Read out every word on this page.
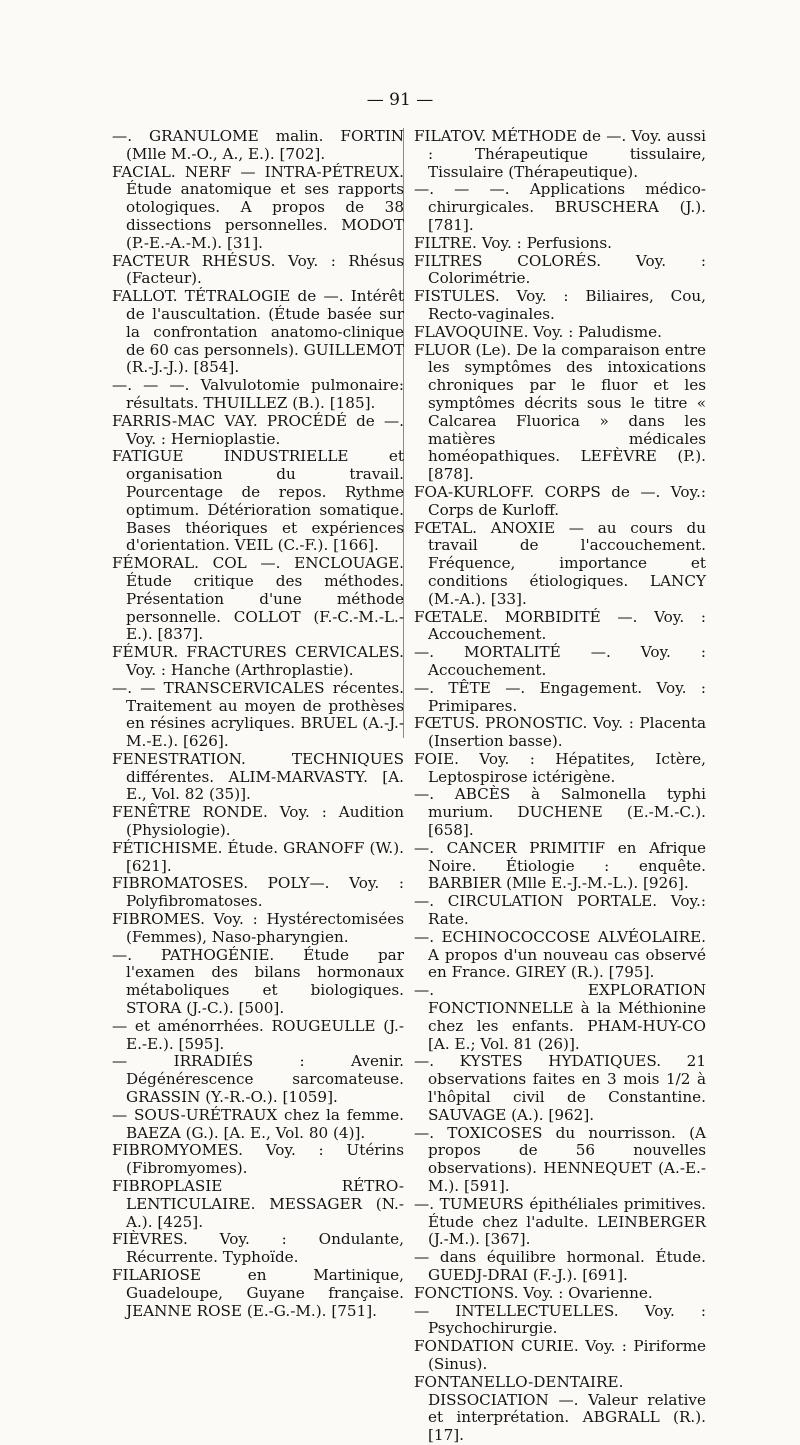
— 91 —

—. GRANULOME malin. FORTIN (Mlle M.-O., A., E.). [702].

FACIAL. NERF — INTRA-PÉTREUX. Étude anatomique et ses rapports otologiques. A propos de 38 dissections personnelles. MODOT (P.-E.-A.-M.). [31].

FACTEUR RHÉSUS. Voy. : Rhésus (Facteur).

FALLOT. TÉTRALOGIE de —. Intérêt de l'auscultation. (Étude basée sur la confrontation anatomo-clinique de 60 cas personnels). GUILLEMOT (R.-J.-J.). [854].

—. — —. Valvulotomie pulmonaire: résultats. THUILLEZ (B.). [185].

FARRIS-MAC VAY. PROCÉDÉ de —. Voy. : Hernioplastie.

FATIGUE INDUSTRIELLE et organisation du travail. Pourcentage de repos. Rythme optimum. Détérioration somatique. Bases théoriques et expériences d'orientation. VEIL (C.-F.). [166].

FÉMORAL. COL —. ENCLOUAGE. Étude critique des méthodes. Présentation d'une méthode personnelle. COLLOT (F.-C.-M.-L.-E.). [837].

FÉMUR. FRACTURES CERVICALES. Voy. : Hanche (Arthroplastie).

—. — TRANSCERVICALES récentes. Traitement au moyen de prothèses en résines acryliques. BRUEL (A.-J.-M.-E.). [626].

FENESTRATION. TECHNIQUES différentes. ALIM-MARVASTY. [A. E., Vol. 82 (35)].

FENÊTRE RONDE. Voy. : Audition (Physiologie).

FÉTICHISME. Étude. GRANOFF (W.). [621].

FIBROMATOSES. POLY—. Voy. : Polyfibromatoses.

FIBROMES. Voy. : Hystérectomisées (Femmes), Naso-pharyngien.

—. PATHOGÉNIE. Étude par l'examen des bilans hormonaux métaboliques et biologiques. STORA (J.-C.). [500].

— et aménorrhées. ROUGEULLE (J.-E.-E.). [595].

— IRRADIÉS : Avenir. Dégénérescence sarcomateuse. GRASSIN (Y.-R.-O.). [1059].

— SOUS-URÉTRAUX chez la femme. BAEZA (G.). [A. E., Vol. 80 (4)].

FIBROMYOMES. Voy. : Utérins (Fibromyomes).

FIBROPLASIE RÉTRO-LENTICULAIRE. MESSAGER (N.-A.). [425].

FIÈVRES. Voy. : Ondulante, Récurrente. Typhoïde.

FILARIOSE en Martinique, Guadeloupe, Guyane française. JEANNE ROSE (E.-G.-M.). [751].

FILATOV. MÉTHODE de —. Voy. aussi : Thérapeutique tissulaire, Tissulaire (Thérapeutique).

—. — —. Applications médico-chirurgicales. BRUSCHERA (J.). [781].

FILTRE. Voy. : Perfusions.

FILTRES COLORÉS. Voy. : Colorimétrie.

FISTULES. Voy. : Biliaires, Cou, Recto-vaginales.

FLAVOQUINE. Voy. : Paludisme.

FLUOR (Le). De la comparaison entre les symptômes des intoxications chroniques par le fluor et les symptômes décrits sous le titre « Calcarea Fluorica » dans les matières médicales homéopathiques. LEFÈVRE (P.). [878].

FOA-KURLOFF. CORPS de —. Voy.: Corps de Kurloff.

FŒTAL. ANOXIE — au cours du travail de l'accouchement. Fréquence, importance et conditions étiologiques. LANCY (M.-A.). [33].

FŒTALE. MORBIDITÉ —. Voy. : Accouchement.

—. MORTALITÉ —. Voy. : Accouchement.

—. TÊTE —. Engagement. Voy. : Primipares.

FŒTUS. PRONOSTIC. Voy. : Placenta (Insertion basse).

FOIE. Voy. : Hépatites, Ictère, Leptospirose ictérigène.

—. ABCÈS à Salmonella typhi murium. DUCHENE (E.-M.-C.). [658].

—. CANCER PRIMITIF en Afrique Noire. Étiologie : enquête. BARBIER (Mlle E.-J.-M.-L.). [926].

—. CIRCULATION PORTALE. Voy.: Rate.

—. ECHINOCOCCOSE ALVÉOLAIRE. A propos d'un nouveau cas observé en France. GIREY (R.). [795].

—. EXPLORATION FONCTIONNELLE à la Méthionine chez les enfants. PHAM-HUY-CO [A. E.; Vol. 81 (26)].

—. KYSTES HYDATIQUES. 21 observations faites en 3 mois 1/2 à l'hôpital civil de Constantine. SAUVAGE (A.). [962].

—. TOXICOSES du nourrisson. (A propos de 56 nouvelles observations). HENNEQUET (A.-E.-M.). [591].

—. TUMEURS épithéliales primitives. Étude chez l'adulte. LEINBERGER (J.-M.). [367].

— dans équilibre hormonal. Étude. GUEDJ-DRAI (F.-J.). [691].

FONCTIONS. Voy. : Ovarienne.

— INTELLECTUELLES. Voy. : Psychochirurgie.

FONDATION CURIE. Voy. : Piriforme (Sinus).

FONTANELLO-DENTAIRE. DISSOCIATION —. Valeur relative et interprétation. ABGRALL (R.). [17].
